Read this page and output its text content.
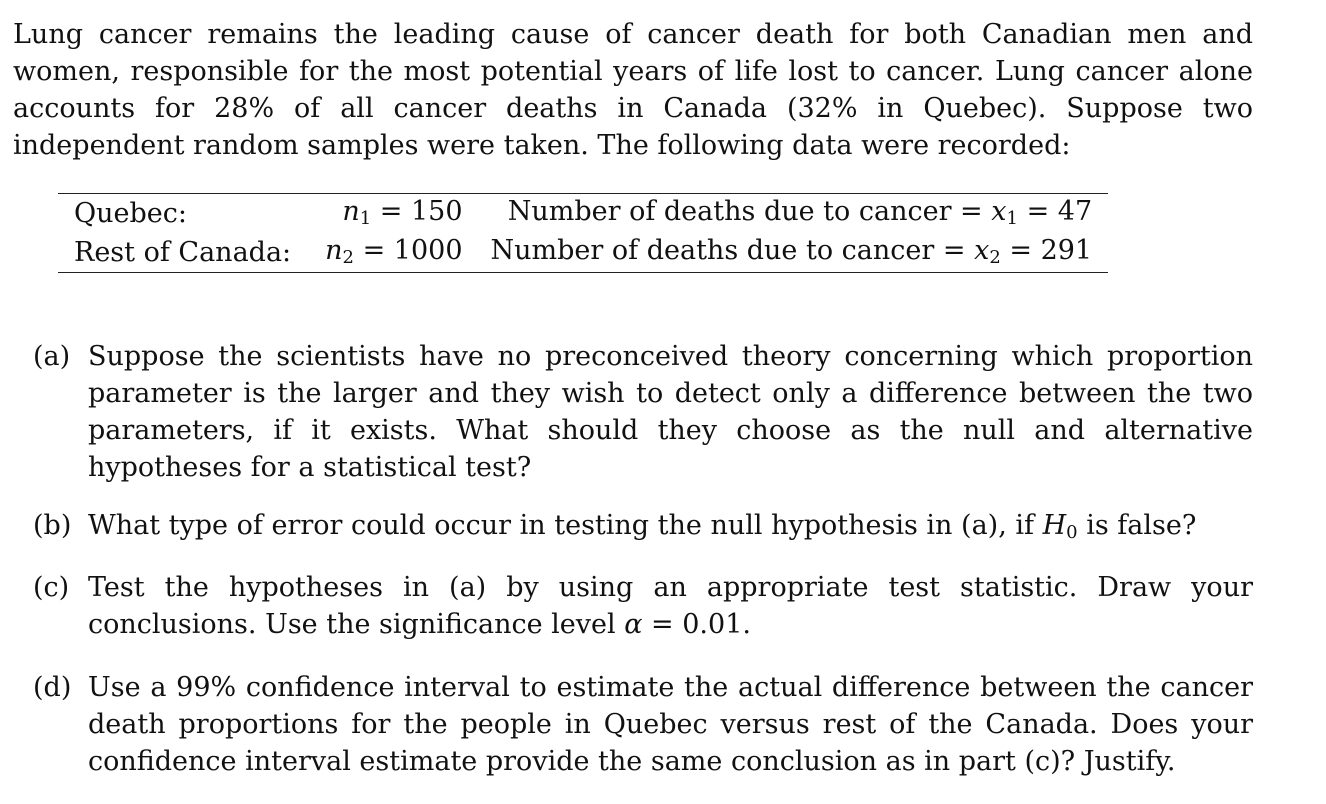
Lung cancer remains the leading cause of cancer death for both Canadian men and women, responsible for the most potential years of life lost to cancer. Lung cancer alone accounts for 28% of all cancer deaths in Canada (32% in Quebec). Suppose two independent random samples were taken. The following data were recorded:

Quebec:	n1 = 150	Number of deaths due to cancer = x1 = 47
Rest of Canada:	n2 = 1000	Number of deaths due to cancer = x2 = 291
(a) Suppose the scientists have no preconceived theory concerning which proportion parameter is the larger and they wish to detect only a difference between the two parameters, if it exists. What should they choose as the null and alternative hypotheses for a statistical test?
(b) What type of error could occur in testing the null hypothesis in (a), if H0 is false?
(c) Test the hypotheses in (a) by using an appropriate test statistic. Draw your conclusions. Use the significance level α = 0.01.
(d) Use a 99% confidence interval to estimate the actual difference between the cancer death proportions for the people in Quebec versus rest of the Canada. Does your confidence interval estimate provide the same conclusion as in part (c)? Justify.
